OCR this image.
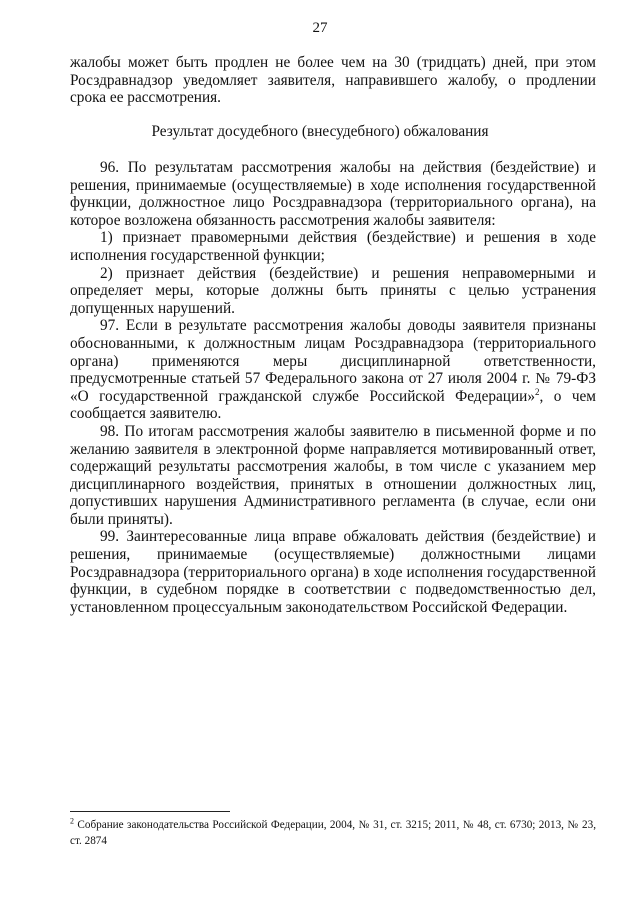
27

жалобы может быть продлен не более чем на 30 (тридцать) дней, при этом Росздравнадзор уведомляет заявителя, направившего жалобу, о продлении срока ее рассмотрения.

Результат досудебного (внесудебного) обжалования

96. По результатам рассмотрения жалобы на действия (бездействие) и решения, принимаемые (осуществляемые) в ходе исполнения государственной функции, должностное лицо Росздравнадзора (территориального органа), на которое возложена обязанность рассмотрения жалобы заявителя:

1) признает правомерными действия (бездействие) и решения в ходе исполнения государственной функции;

2) признает действия (бездействие) и решения неправомерными и определяет меры, которые должны быть приняты с целью устранения допущенных нарушений.

97. Если в результате рассмотрения жалобы доводы заявителя признаны обоснованными, к должностным лицам Росздравнадзора (территориального органа) применяются меры дисциплинарной ответственности, предусмотренные статьей 57 Федерального закона от 27 июля 2004 г. № 79-ФЗ «О государственной гражданской службе Российской Федерации»$^2$, о чем сообщается заявителю.

98. По итогам рассмотрения жалобы заявителю в письменной форме и по желанию заявителя в электронной форме направляется мотивированный ответ, содержащий результаты рассмотрения жалобы, в том числе с указанием мер дисциплинарного воздействия, принятых в отношении должностных лиц, допустивших нарушения Административного регламента (в случае, если они были приняты).

99. Заинтересованные лица вправе обжаловать действия (бездействие) и решения, принимаемые (осуществляемые) должностными лицами Росздравнадзора (территориального органа) в ходе исполнения государственной функции, в судебном порядке в соответствии с подведомственностью дел, установленном процессуальным законодательством Российской Федерации.

$^2$ Собрание законодательства Российской Федерации, 2004, № 31, ст. 3215; 2011, № 48, ст. 6730; 2013, № 23, ст. 2874
